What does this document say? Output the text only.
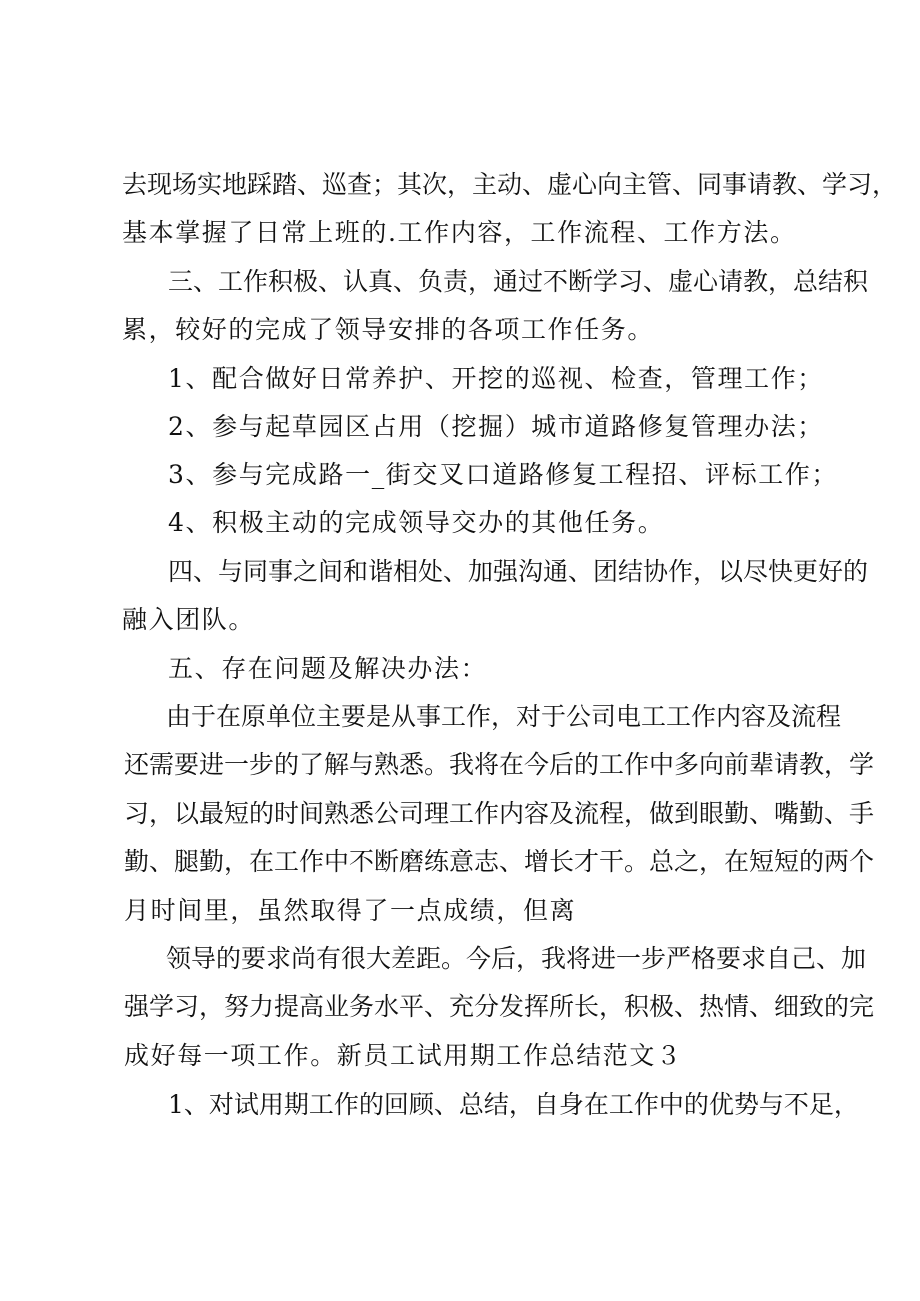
去现场实地踩踏、巡查；其次，主动、虚心向主管、同事请教、学习，
基本掌握了日常上班的.工作内容，工作流程、工作方法。
三、工作积极、认真、负责，通过不断学习、虚心请教，总结积
累，较好的完成了领导安排的各项工作任务。
1、配合做好日常养护、开挖的巡视、检查，管理工作；
2、参与起草园区占用（挖掘）城市道路修复管理办法；
3、参与完成路一_街交叉口道路修复工程招、评标工作；
4、积极主动的完成领导交办的其他任务。
四、与同事之间和谐相处、加强沟通、团结协作，以尽快更好的
融入团队。
五、存在问题及解决办法：
由于在原单位主要是从事工作，对于公司电工工作内容及流程
还需要进一步的了解与熟悉。我将在今后的工作中多向前辈请教，学
习，以最短的时间熟悉公司理工作内容及流程，做到眼勤、嘴勤、手
勤、腿勤，在工作中不断磨练意志、增长才干。总之，在短短的两个
月时间里，虽然取得了一点成绩，但离
领导的要求尚有很大差距。今后，我将进一步严格要求自己、加
强学习，努力提高业务水平、充分发挥所长，积极、热情、细致的完
成好每一项工作。新员工试用期工作总结范文３
1、对试用期工作的回顾、总结，自身在工作中的优势与不足，
